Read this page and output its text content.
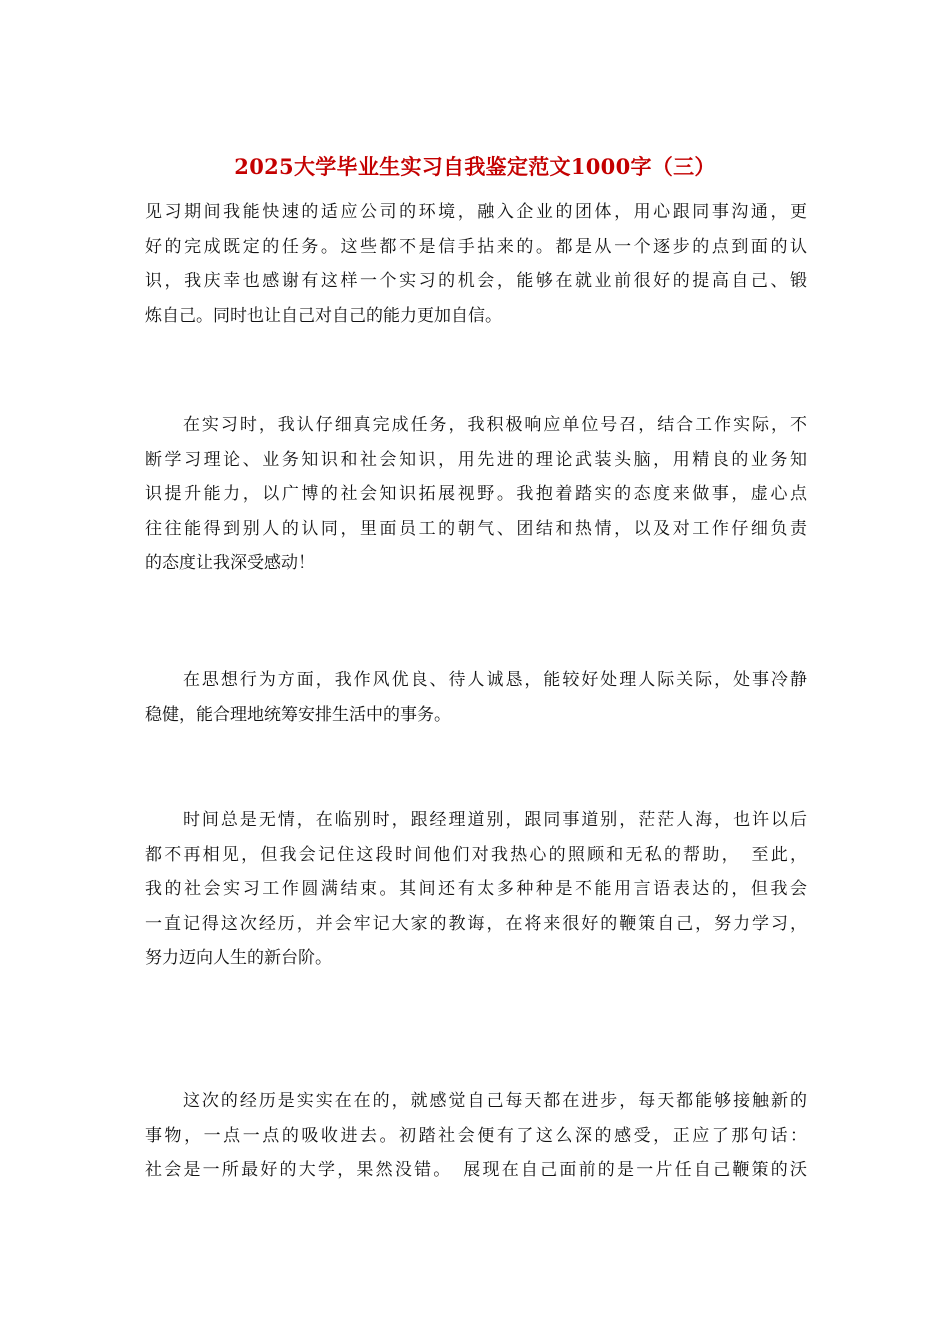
2025大学毕业生实习自我鉴定范文1000字（三）
见习期间我能快速的适应公司的环境，融入企业的团体，用心跟同事沟通，更
好的完成既定的任务。这些都不是信手拈来的。都是从一个逐步的点到面的认
识，我庆幸也感谢有这样一个实习的机会，能够在就业前很好的提高自己、锻
炼自己。同时也让自己对自己的能力更加自信。
　　在实习时，我认仔细真完成任务，我积极响应单位号召，结合工作实际，不
断学习理论、业务知识和社会知识，用先进的理论武装头脑，用精良的业务知
识提升能力，以广博的社会知识拓展视野。我抱着踏实的态度来做事，虚心点
往往能得到别人的认同，里面员工的朝气、团结和热情，以及对工作仔细负责
的态度让我深受感动！
　　在思想行为方面，我作风优良、待人诚恳，能较好处理人际关际，处事冷静
稳健，能合理地统筹安排生活中的事务。
　　时间总是无情，在临别时，跟经理道别，跟同事道别，茫茫人海，也许以后
都不再相见，但我会记住这段时间他们对我热心的照顾和无私的帮助，　至此，
我的社会实习工作圆满结束。其间还有太多种种是不能用言语表达的，但我会
一直记得这次经历，并会牢记大家的教诲，在将来很好的鞭策自己，努力学习，
努力迈向人生的新台阶。
　　这次的经历是实实在在的，就感觉自己每天都在进步，每天都能够接触新的
事物，一点一点的吸收进去。初踏社会便有了这么深的感受，正应了那句话：
社会是一所最好的大学，果然没错。　展现在自己面前的是一片任自己鞭策的沃
